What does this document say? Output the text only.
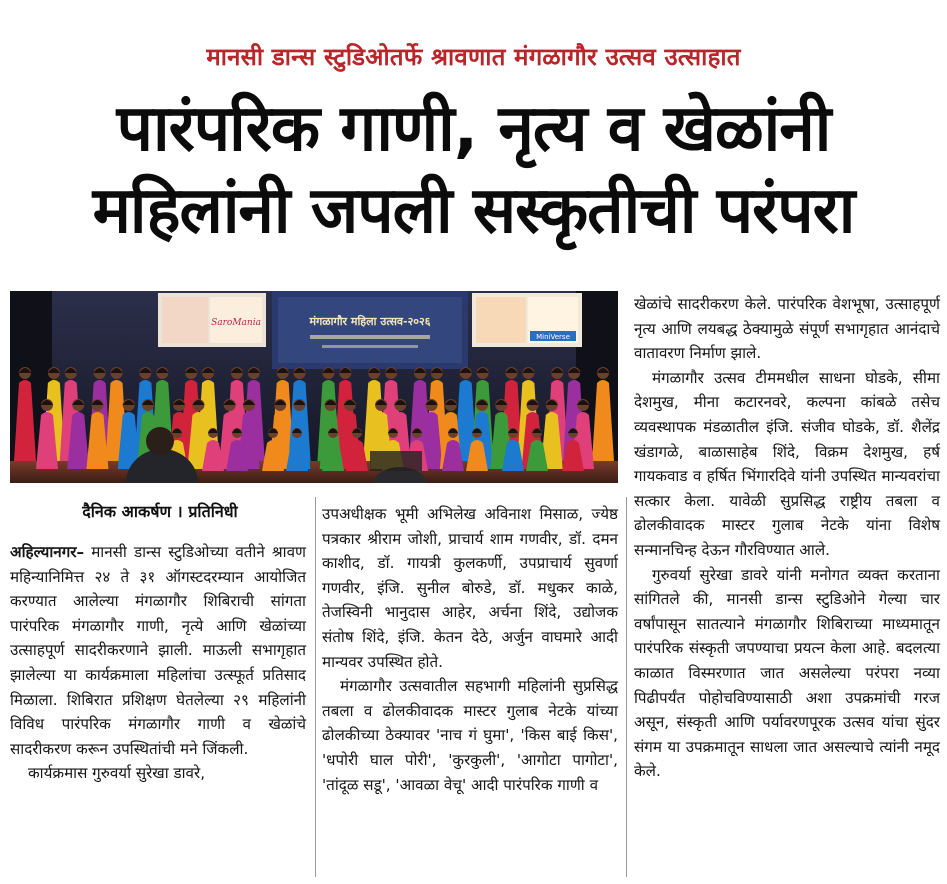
मानसी डान्स स्टुडिओतर्फे श्रावणात मंगळागौर उत्सव उत्साहात
पारंपरिक गाणी, नृत्य व खेळांनी
महिलांनी जपली सस्कृतीची परंपरा
SaroMania	मंगळागौर महिला उत्सव-२०२६
MiniVerse
दैनिक आकर्षण । प्रतिनिधी

अहिल्यानगर– मानसी डान्स स्टुडिओच्या वतीने श्रावण महिन्यानिमित्त २४ ते ३१ ऑगस्टदरम्यान आयोजित करण्यात आलेल्या मंगळागौर शिबिराची सांगता पारंपरिक मंगळागौर गाणी, नृत्ये आणि खेळांच्या उत्साहपूर्ण सादरीकरणाने झाली. माऊली सभागृहात झालेल्या या कार्यक्रमाला महिलांचा उत्स्फूर्त प्रतिसाद मिळाला. शिबिरात प्रशिक्षण घेतलेल्या २९ महिलांनी विविध पारंपरिक मंगळागौर गाणी व खेळांचे सादरीकरण करून उपस्थितांची मने जिंकली.

कार्यक्रमास गुरुवर्या सुरेखा डावरे,

उपअधीक्षक भूमी अभिलेख अविनाश मिसाळ, ज्येष्ठ पत्रकार श्रीराम जोशी, प्राचार्य शाम गणवीर, डॉ. दमन काशीद, डॉ. गायत्री कुलकर्णी, उपप्राचार्य सुवर्णा गणवीर, इंजि. सुनील बोरुडे, डॉ. मधुकर काळे, तेजस्विनी भानुदास आहेर, अर्चना शिंदे, उद्योजक संतोष शिंदे, इंजि. केतन देठे, अर्जुन वाघमारे आदी मान्यवर उपस्थित होते.

मंगळागौर उत्सवातील सहभागी महिलांनी सुप्रसिद्ध तबला व ढोलकीवादक मास्टर गुलाब नेटके यांच्या ढोलकीच्या ठेक्यावर 'नाच गं घुमा', 'किस बाई किस', 'धपोरी घाल पोरी', 'कुरकुली', 'आगोटा पागोटा', 'तांदूळ सडू', 'आवळा वेचू' आदी पारंपरिक गाणी व

खेळांचे सादरीकरण केले. पारंपरिक वेशभूषा, उत्साहपूर्ण नृत्य आणि लयबद्ध ठेक्यामुळे संपूर्ण सभागृहात आनंदाचे वातावरण निर्माण झाले.

मंगळागौर उत्सव टीममधील साधना घोडके, सीमा देशमुख, मीना कटारनवरे, कल्पना कांबळे तसेच व्यवस्थापक मंडळातील इंजि. संजीव घोडके, डॉ. शैलेंद्र खंडागळे, बाळासाहेब शिंदे, विक्रम देशमुख, हर्ष गायकवाड व हर्षित भिंगारदिवे यांनी उपस्थित मान्यवरांचा सत्कार केला. यावेळी सुप्रसिद्ध राष्ट्रीय तबला व ढोलकीवादक मास्टर गुलाब नेटके यांना विशेष सन्मानचिन्ह देऊन गौरविण्यात आले.

गुरुवर्या सुरेखा डावरे यांनी मनोगत व्यक्त करताना सांगितले की, मानसी डान्स स्टुडिओने गेल्या चार वर्षांपासून सातत्याने मंगळागौर शिबिराच्या माध्यमातून पारंपरिक संस्कृती जपण्याचा प्रयत्न केला आहे. बदलत्या काळात विस्मरणात जात असलेल्या परंपरा नव्या पिढीपर्यंत पोहोचविण्यासाठी अशा उपक्रमांची गरज असून, संस्कृती आणि पर्यावरणपूरक उत्सव यांचा सुंदर संगम या उपक्रमातून साधला जात असल्याचे त्यांनी नमूद केले.
